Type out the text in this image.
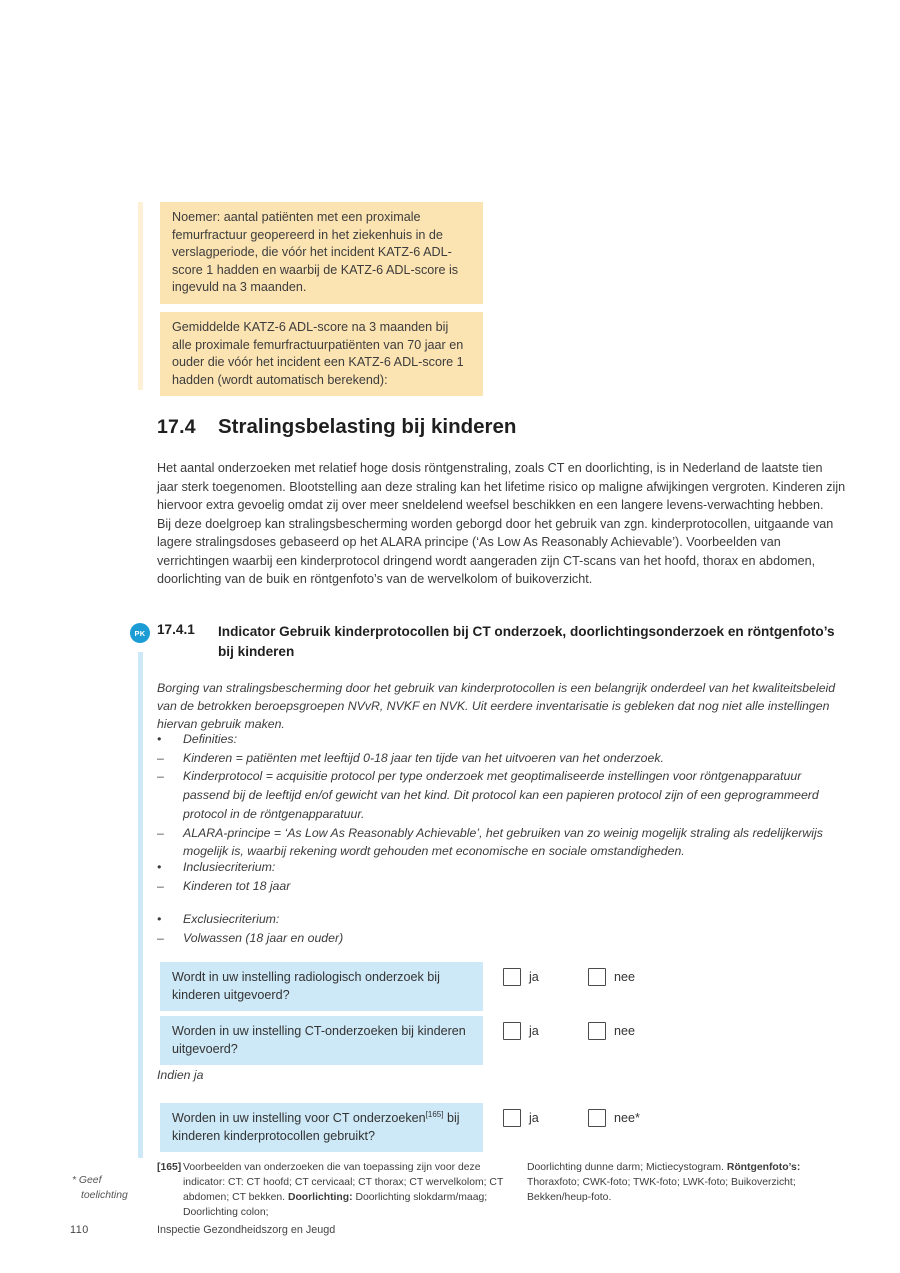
Noemer: aantal patiënten met een proximale femurfractuur geopereerd in het ziekenhuis in de verslagperiode, die vóór het incident KATZ-6 ADL-score 1 hadden en waarbij de KATZ-6 ADL-score is ingevuld na 3 maanden.
Gemiddelde KATZ-6 ADL-score na 3 maanden bij alle proximale femurfractuurpatiënten van 70 jaar en ouder die vóór het incident een KATZ-6 ADL-score 1 hadden (wordt automatisch berekend):
17.4 Stralingsbelasting bij kinderen

Het aantal onderzoeken met relatief hoge dosis röntgenstraling, zoals CT en doorlichting, is in Nederland de laatste tien jaar sterk toegenomen. Blootstelling aan deze straling kan het lifetime risico op maligne afwijkingen vergroten. Kinderen zijn hiervoor extra gevoelig omdat zij over meer sneldelend weefsel beschikken en een langere levens-verwachting hebben.

Bij deze doelgroep kan stralingsbescherming worden geborgd door het gebruik van zgn. kinderprotocollen, uitgaande van lagere stralingsdoses gebaseerd op het ALARA principe (‘As Low As Reasonably Achievable’). Voorbeelden van verrichtingen waarbij een kinderprotocol dringend wordt aangeraden zijn CT-scans van het hoofd, thorax en abdomen, doorlichting van de buik en röntgenfoto’s van de wervelkolom of buikoverzicht.

PK 17.4.1 Indicator Gebruik kinderprotocollen bij CT onderzoek, doorlichtingsonderzoek en röntgenfoto’s bij kinderen
Borging van stralingsbescherming door het gebruik van kinderprotocollen is een belangrijk onderdeel van het kwaliteitsbeleid van de betrokken beroepsgroepen NVvR, NVKF en NVK. Uit eerdere inventarisatie is gebleken dat nog niet alle instellingen hiervan gebruik maken.
•	Definities:
–	Kinderen = patiënten met leeftijd 0-18 jaar ten tijde van het uitvoeren van het onderzoek.
–	Kinderprotocol = acquisitie protocol per type onderzoek met geoptimaliseerde instellingen voor röntgenapparatuur passend bij de leeftijd en/of gewicht van het kind. Dit protocol kan een papieren protocol zijn of een geprogrammeerd protocol in de röntgenapparatuur.
–	ALARA-principe = ‘As Low As Reasonably Achievable’, het gebruiken van zo weinig mogelijk straling als redelijkerwijs mogelijk is, waarbij rekening wordt gehouden met economische en sociale omstandigheden.
•	Inclusiecriterium:
–	Kinderen tot 18 jaar
•	Exclusiecriterium:
–	Volwassen (18 jaar en ouder)
Wordt in uw instelling radiologisch onderzoek bij kinderen uitgevoerd?
ja	nee
Worden in uw instelling CT-onderzoeken bij kinderen uitgevoerd?
ja	nee
Indien ja
Worden in uw instelling voor CT onderzoeken[165] bij kinderen kinderprotocollen gebruikt?
ja	nee*
* Geef
toelichting
[165] Voorbeelden van onderzoeken die van toepassing zijn voor deze indicator: CT: CT hoofd; CT cervicaal; CT thorax; CT wervelkolom; CT abdomen; CT bekken. Doorlichting: Doorlichting slokdarm/maag; Doorlichting colon;
Doorlichting dunne darm; Mictiecystogram. Röntgenfoto’s: Thoraxfoto; CWK-foto; TWK-foto; LWK-foto; Buikoverzicht; Bekken/heup-foto.
110	Inspectie Gezondheidszorg en Jeugd
